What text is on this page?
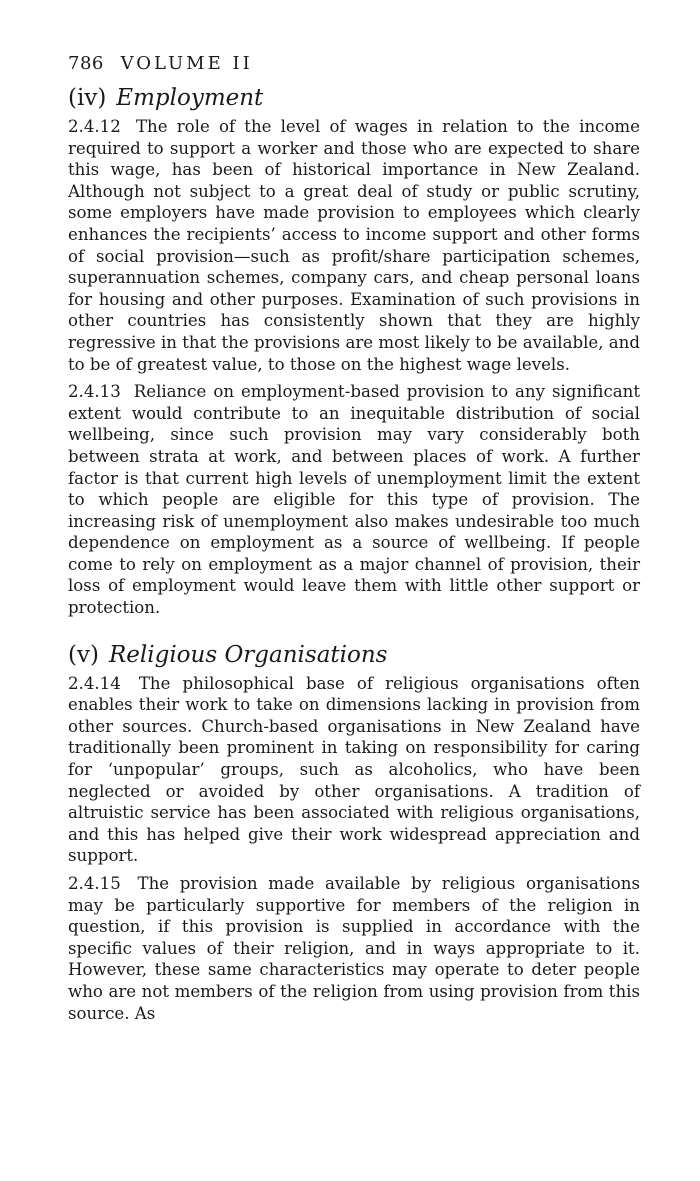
786 VOLUME II
(iv) Employment

2.4.12 The role of the level of wages in relation to the income required to support a worker and those who are expected to share this wage, has been of historical importance in New Zealand. Although not subject to a great deal of study or public scrutiny, some employers have made provision to employees which clearly enhances the recipients’ access to income support and other forms of social provision—such as profit/share participation schemes, superannuation schemes, company cars, and cheap personal loans for housing and other purposes. Examination of such provisions in other countries has consistently shown that they are highly regressive in that the provisions are most likely to be available, and to be of greatest value, to those on the highest wage levels.

2.4.13 Reliance on employment-based provision to any significant extent would contribute to an inequitable distribution of social wellbeing, since such provision may vary considerably both between strata at work, and between places of work. A further factor is that current high levels of unemployment limit the extent to which people are eligible for this type of provision. The increasing risk of unemployment also makes undesirable too much dependence on employment as a source of wellbeing. If people come to rely on employment as a major channel of provision, their loss of employment would leave them with little other support or protection.

(v) Religious Organisations

2.4.14 The philosophical base of religious organisations often enables their work to take on dimensions lacking in provision from other sources. Church-based organisations in New Zealand have traditionally been prominent in taking on responsibility for caring for ‘unpopular’ groups, such as alcoholics, who have been neglected or avoided by other organisations. A tradition of altruistic service has been associated with religious organisations, and this has helped give their work widespread appreciation and support.

2.4.15 The provision made available by religious organisations may be particularly supportive for members of the religion in question, if this provision is supplied in accordance with the specific values of their religion, and in ways appropriate to it. However, these same characteristics may operate to deter people who are not members of the religion from using provision from this source. As
